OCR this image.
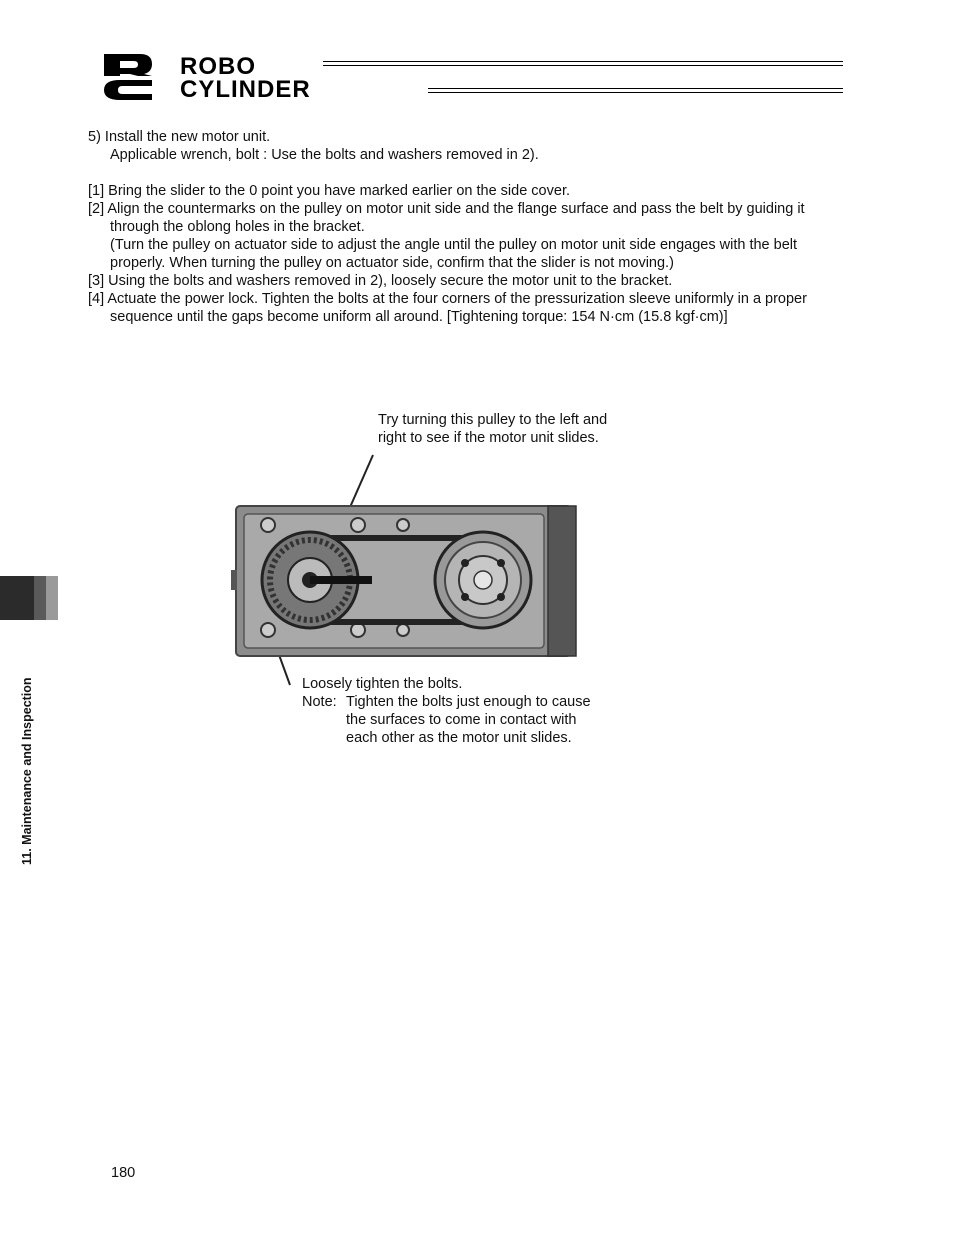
ROBO
CYLINDER
5) Install the new motor unit.
Applicable wrench, bolt : Use the bolts and washers removed in 2).
[1] Bring the slider to the 0 point you have marked earlier on the side cover.
[2] Align the countermarks on the pulley on motor unit side and the flange surface and pass the belt by guiding it
through the oblong holes in the bracket.
(Turn the pulley on actuator side to adjust the angle until the pulley on motor unit side engages with the belt
properly. When turning the pulley on actuator side, confirm that the slider is not moving.)
[3] Using the bolts and washers removed in 2), loosely secure the motor unit to the bracket.
[4] Actuate the power lock. Tighten the bolts at the four corners of the pressurization sleeve uniformly in a proper
sequence until the gaps become uniform all around. [Tightening torque: 154 N·cm (15.8 kgf·cm)]
Try turning this pulley to the left and
right to see if the motor unit slides.
Loosely tighten the bolts.
Note: Tighten the bolts just enough to cause
the surfaces to come in contact with
each other as the motor unit slides.
11. Maintenance and Inspection
180
